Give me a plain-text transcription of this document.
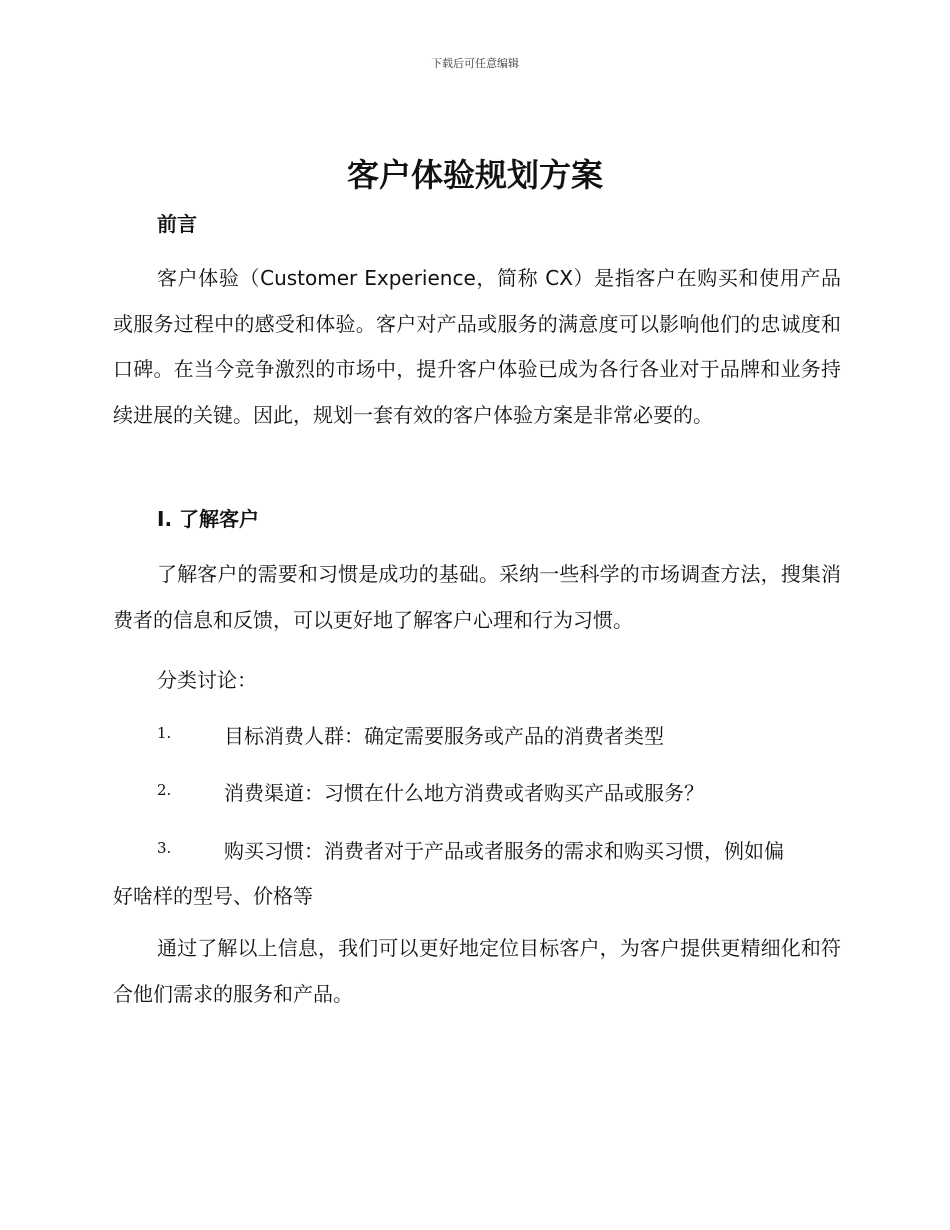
下载后可任意编辑
客户体验规划方案
前言

客户体验（Customer Experience，简称 CX）是指客户在购买和使用产品或服务过程中的感受和体验。客户对产品或服务的满意度可以影响他们的忠诚度和口碑。在当今竞争激烈的市场中，提升客户体验已成为各行各业对于品牌和业务持续进展的关键。因此，规划一套有效的客户体验方案是非常必要的。

I. 了解客户

了解客户的需要和习惯是成功的基础。采纳一些科学的市场调查方法，搜集消费者的信息和反馈，可以更好地了解客户心理和行为习惯。

分类讨论：
1.	目标消费人群：确定需要服务或产品的消费者类型
2.	消费渠道：习惯在什么地方消费或者购买产品或服务？
3.	购买习惯：消费者对于产品或者服务的需求和购买习惯，例如偏
好啥样的型号、价格等

通过了解以上信息，我们可以更好地定位目标客户，为客户提供更精细化和符合他们需求的服务和产品。
